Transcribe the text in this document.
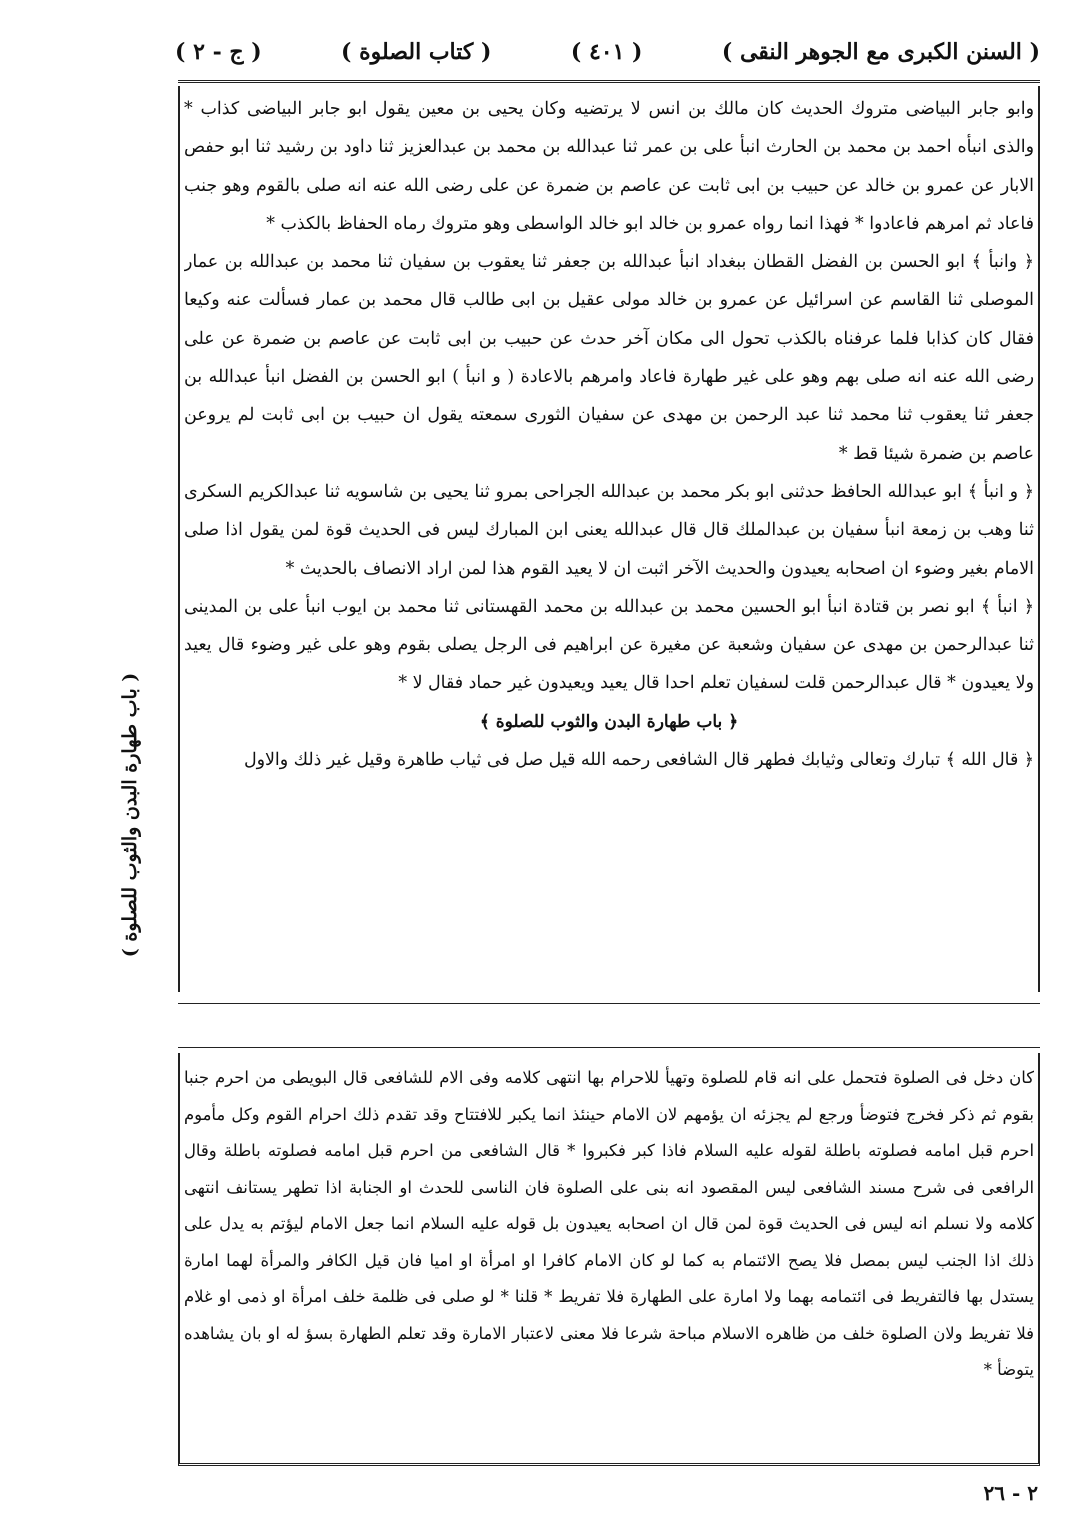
( السنن الكبرى مع الجوهر النقى )
( ٤٠١ )
( كتاب الصلوة )
( ج - ٢ )

وابو جابر البياضى متروك الحديث كان مالك بن انس لا يرتضيه وكان يحيى بن معين يقول ابو جابر البياضى كذاب * والذى انبأه احمد بن محمد بن الحارث انبأ على بن عمر ثنا عبدالله بن محمد بن عبدالعزيز ثنا داود بن رشيد ثنا ابو حفص الابار عن عمرو بن خالد عن حبيب بن ابى ثابت عن عاصم بن ضمرة عن على رضى الله عنه انه صلى بالقوم وهو جنب فاعاد ثم امرهم فاعادوا * فهذا انما رواه عمرو بن خالد ابو خالد الواسطى وهو متروك رماه الحفاظ بالكذب *

﴿ وانبأ ﴾ ابو الحسن بن الفضل القطان ببغداد انبأ عبدالله بن جعفر ثنا يعقوب بن سفيان ثنا محمد بن عبدالله بن عمار الموصلى ثنا القاسم عن اسرائيل عن عمرو بن خالد مولى عقيل بن ابى طالب قال محمد بن عمار فسألت عنه وكيعا فقال كان كذابا فلما عرفناه بالكذب تحول الى مكان آخر حدث عن حبيب بن ابى ثابت عن عاصم بن ضمرة عن على رضى الله عنه انه صلى بهم وهو على غير طهارة فاعاد وامرهم بالاعادة ( و انبأ ) ابو الحسن بن الفضل انبأ عبدالله بن جعفر ثنا يعقوب ثنا محمد ثنا عبد الرحمن بن مهدى عن سفيان الثورى سمعته يقول ان حبيب بن ابى ثابت لم يروعن عاصم بن ضمرة شيئا قط *

﴿ و انبأ ﴾ ابو عبدالله الحافظ حدثنى ابو بكر محمد بن عبدالله الجراحى بمرو ثنا يحيى بن شاسويه ثنا عبدالكريم السكرى ثنا وهب بن زمعة انبأ سفيان بن عبدالملك قال قال عبدالله يعنى ابن المبارك ليس فى الحديث قوة لمن يقول اذا صلى الامام بغير وضوء ان اصحابه يعيدون والحديث الآخر اثبت ان لا يعيد القوم هذا لمن اراد الانصاف بالحديث *

﴿ انبأ ﴾ ابو نصر بن قتادة انبأ ابو الحسين محمد بن عبدالله بن محمد القهستانى ثنا محمد بن ايوب انبأ على بن المدينى ثنا عبدالرحمن بن مهدى عن سفيان وشعبة عن مغيرة عن ابراهيم فى الرجل يصلى بقوم وهو على غير وضوء قال يعيد ولا يعيدون * قال عبدالرحمن قلت لسفيان تعلم احدا قال يعيد ويعيدون غير حماد فقال لا *

﴿ باب طهارة البدن والثوب للصلوة ﴾

﴿ قال الله ﴾ تبارك وتعالى وثيابك فطهر قال الشافعى رحمه الله قيل صل فى ثياب طاهرة وقيل غير ذلك والاول

( باب طهارة البدن والثوب للصلوة )

كان دخل فى الصلوة فتحمل على انه قام للصلوة وتهيأ للاحرام بها انتهى كلامه وفى الام للشافعى قال البويطى من احرم جنبا بقوم ثم ذكر فخرج فتوضأ ورجع لم يجزئه ان يؤمهم لان الامام حينئذ انما يكبر للافتتاح وقد تقدم ذلك احرام القوم وكل مأموم احرم قبل امامه فصلوته باطلة لقوله عليه السلام فاذا كبر فكبروا * قال الشافعى من احرم قبل امامه فصلوته باطلة وقال الرافعى فى شرح مسند الشافعى ليس المقصود انه بنى على الصلوة فان الناسى للحدث او الجنابة اذا تطهر يستانف انتهى كلامه ولا نسلم انه ليس فى الحديث قوة لمن قال ان اصحابه يعيدون بل قوله عليه السلام انما جعل الامام ليؤتم به يدل على ذلك اذا الجنب ليس بمصل فلا يصح الائتمام به كما لو كان الامام كافرا او امرأة او اميا فان قيل الكافر والمرأة لهما امارة يستدل بها فالتفريط فى ائتمامه بهما ولا امارة على الطهارة فلا تفريط * قلنا * لو صلى فى ظلمة خلف امرأة او ذمى او غلام فلا تفريط ولان الصلوة خلف من ظاهره الاسلام مباحة شرعا فلا معنى لاعتبار الامارة وقد تعلم الطهارة بسؤ له او بان يشاهده يتوضأ *

٢ - ٢٦
